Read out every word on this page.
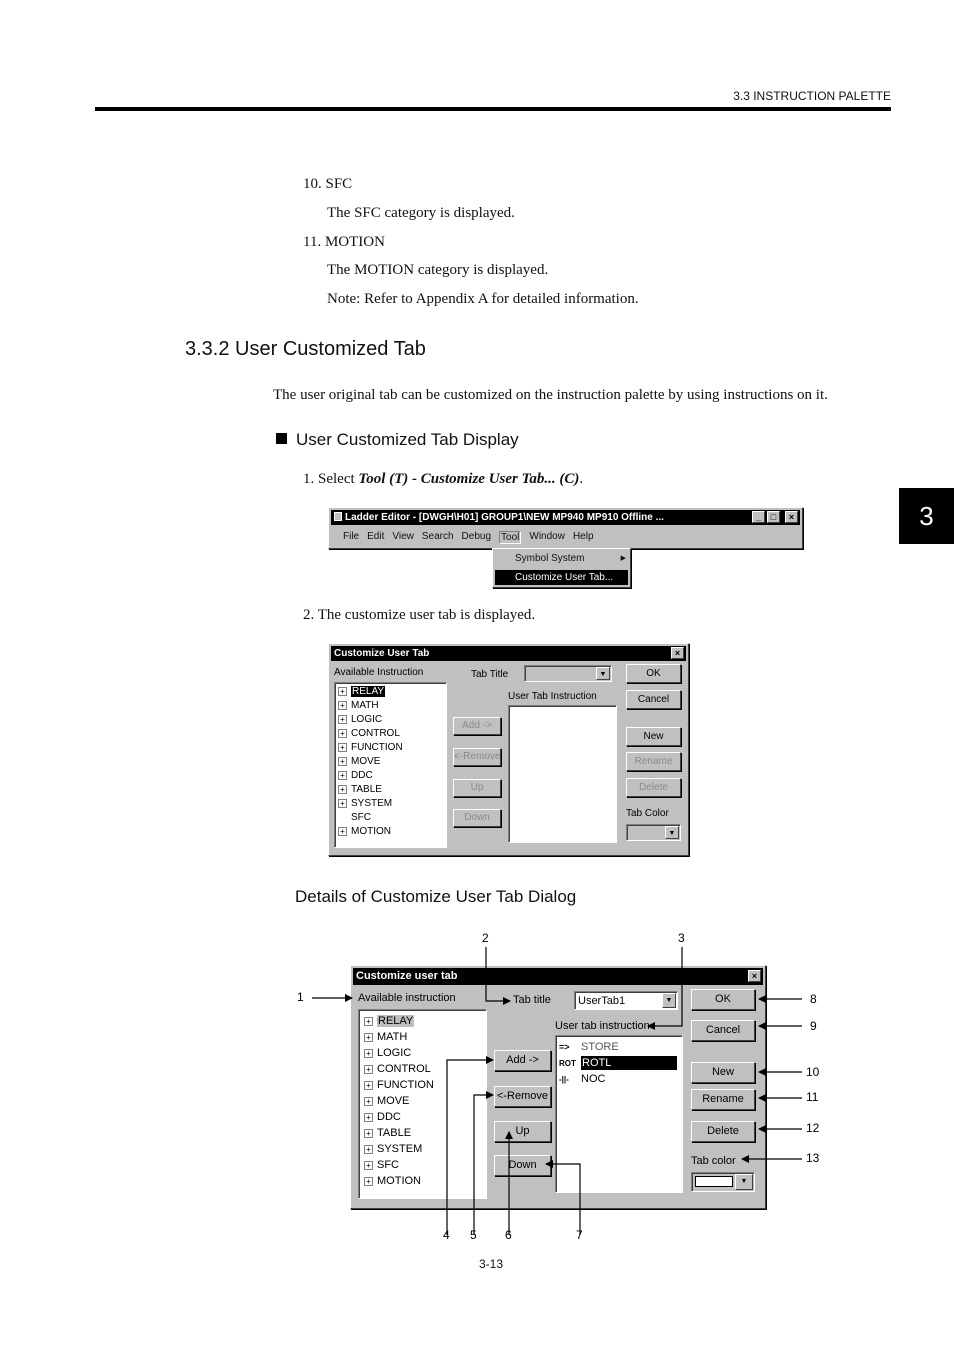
3.3 INSTRUCTION PALETTE
3
10. SFC
The SFC category is displayed.
11. MOTION
The MOTION category is displayed.
Note: Refer to Appendix A for detailed information.
3.3.2 User Customized Tab
The user original tab can be customized on the instruction palette by using instructions on it.
User Customized Tab Display
1. Select Tool (T) - Customize User Tab... (C).
Ladder Editor - [DWGH\H01] GROUP1\NEW MP940 MP910 Offline ...	_	□	×
File Edit View Search Debug Tool Window Help
Symbol System	▶
Customize User Tab...
2. The customize user tab is displayed.
Customize User Tab	×
Available Instruction	Tab Title	▼
User Tab Instruction
+ RELAY
+ MATH
+ LOGIC
+ CONTROL
+ FUNCTION
+ MOVE
+ DDC
+ TABLE
+ SYSTEM
SFC
+ MOTION
Add ->
<-Remove
Up
Down
OK
Cancel
New
Rename
Delete
Tab Color
▼
Details of Customize User Tab Dialog
Customize user tab	×
Available instruction	Tab title UserTab1	▼
User tab instruction
+ RELAY
+ MATH
+ LOGIC
+ CONTROL
+ FUNCTION
+ MOVE
+ DDC
+ TABLE
+ SYSTEM
+ SFC
+ MOTION
=> STORE
ROT ROTL
-||- NOC
Add ->
<-Remove
Up
Down
OK
Cancel
New
Rename
Delete
Tab color
▼
1
2	3
4 5 6	7
8
9
10
11
12
13
3-13
